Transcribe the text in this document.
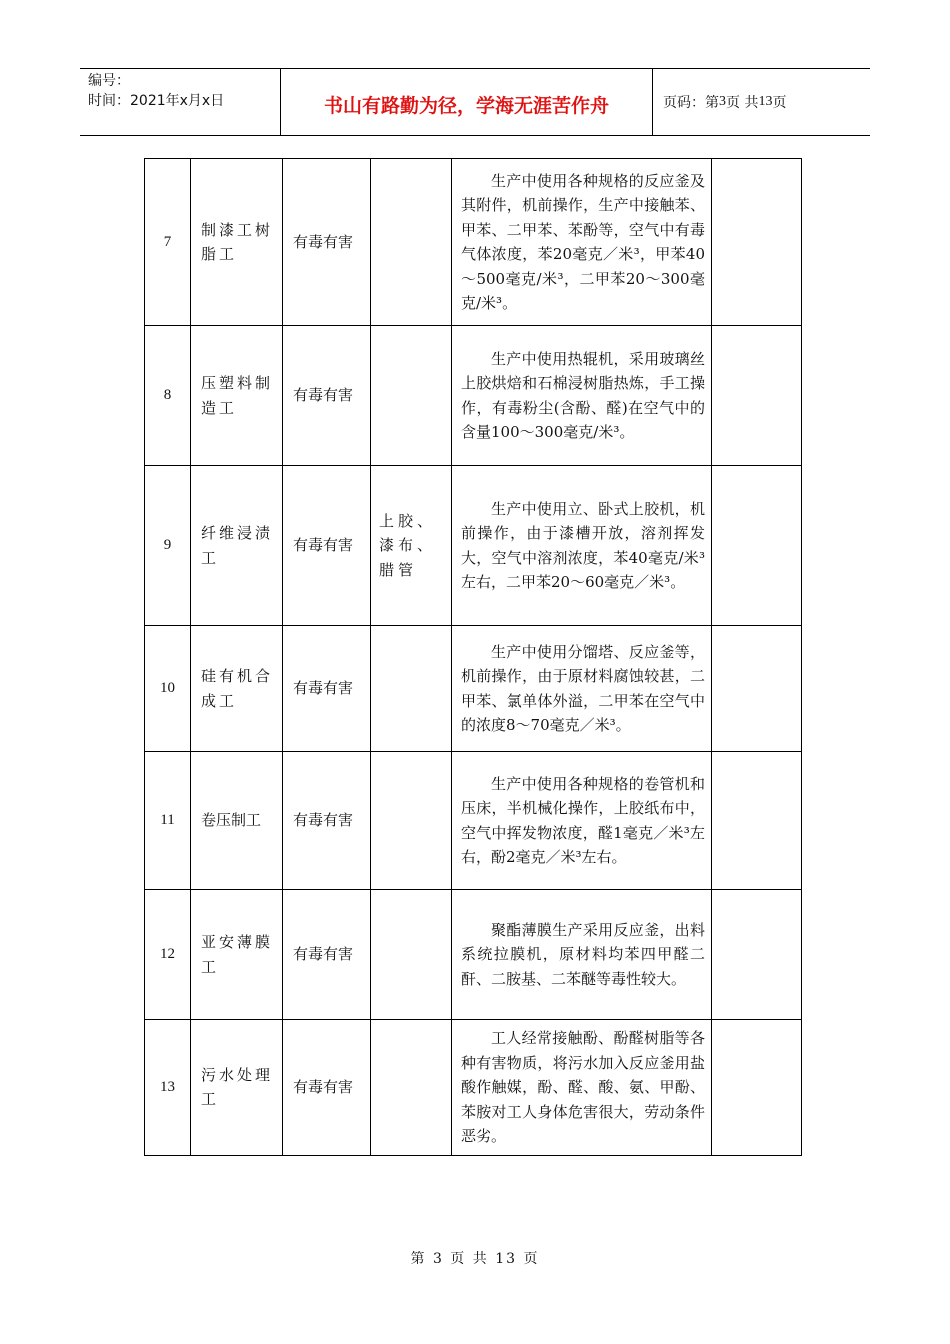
编号：
时间：2021年x月x日	书山有路勤为径，学海无涯苦作舟	页码：第 3 页 共 13 页
7	制漆工树脂工	有毒有害		生产中使用各种规格的反应釜及其附件，机前操作，生产中接触苯、甲苯、二甲苯、苯酚等，空气中有毒气体浓度，苯20毫克／米³，甲苯40～500毫克/米³，二甲苯20～300毫克/米³。	
8	压塑料制造工	有毒有害		生产中使用热辊机，采用玻璃丝上胶烘焙和石棉浸树脂热炼，手工操作，有毒粉尘(含酚、醛)在空气中的含量100～300毫克/米³。	
9	纤维浸渍工	有毒有害	上胶、漆布、腊管	生产中使用立、卧式上胶机，机前操作，由于漆槽开放，溶剂挥发大，空气中溶剂浓度，苯40毫克/米³左右，二甲苯20～60毫克／米³。	
10	硅有机合成工	有毒有害		生产中使用分馏塔、反应釜等，机前操作，由于原材料腐蚀较甚，二甲苯、氯单体外溢，二甲苯在空气中的浓度8～70毫克／米³。	
11	卷压制工	有毒有害		生产中使用各种规格的卷管机和压床，半机械化操作，上胶纸布中，空气中挥发物浓度，醛1毫克／米³左右，酚2毫克／米³左右。	
12	亚安薄膜工	有毒有害		聚酯薄膜生产采用反应釜，出料系统拉膜机，原材料均苯四甲醛二酐、二胺基、二苯醚等毒性较大。	
13	污水处理工	有毒有害		工人经常接触酚、酚醛树脂等各种有害物质，将污水加入反应釜用盐酸作触媒，酚、醛、酸、氨、甲酚、苯胺对工人身体危害很大，劳动条件恶劣。	
第 3 页 共 13 页
